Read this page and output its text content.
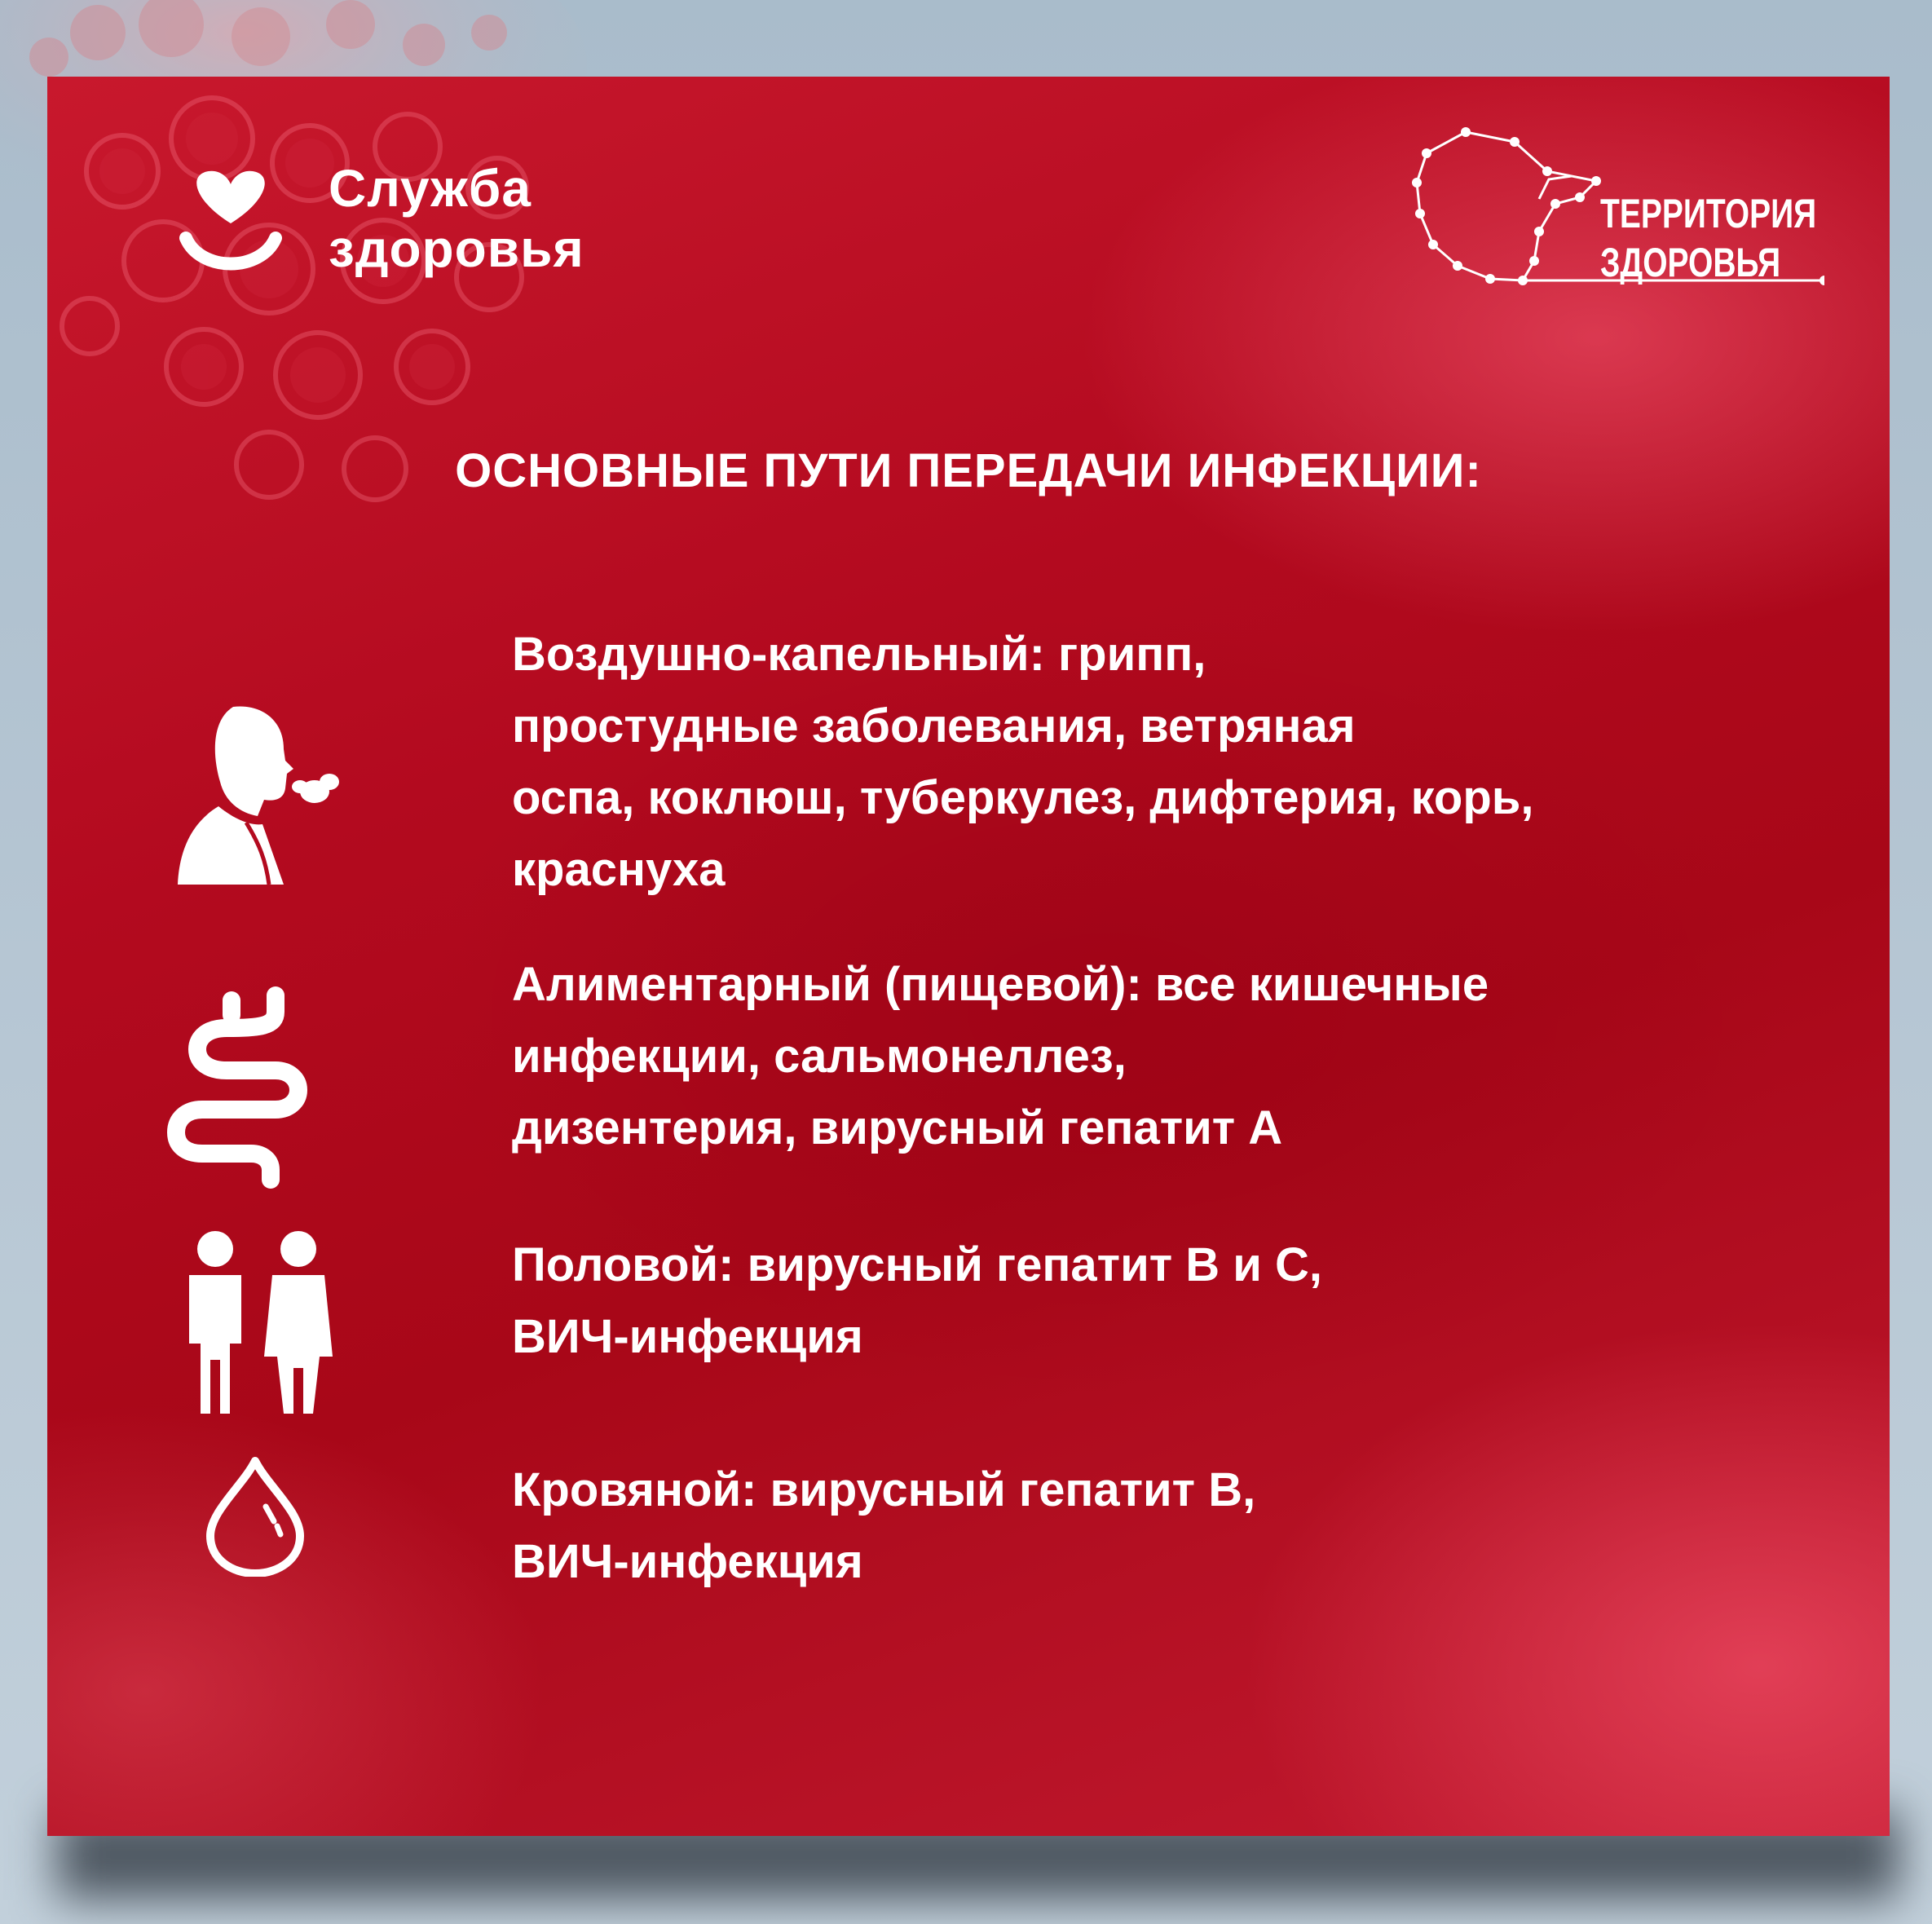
Служба
здоровья
ТЕРРИТОРИЯ
ЗДОРОВЬЯ
ОСНОВНЫЕ ПУТИ ПЕРЕДАЧИ ИНФЕКЦИИ:
Воздушно-капельный: грипп,
простудные заболевания, ветряная
оспа, коклюш, туберкулез, дифтерия, корь,
краснуха
Алиментарный (пищевой): все кишечные
инфекции, сальмонеллез,
дизентерия, вирусный гепатит А
Половой: вирусный гепатит В и С,
ВИЧ-инфекция
Кровяной: вирусный гепатит В,
ВИЧ-инфекция
